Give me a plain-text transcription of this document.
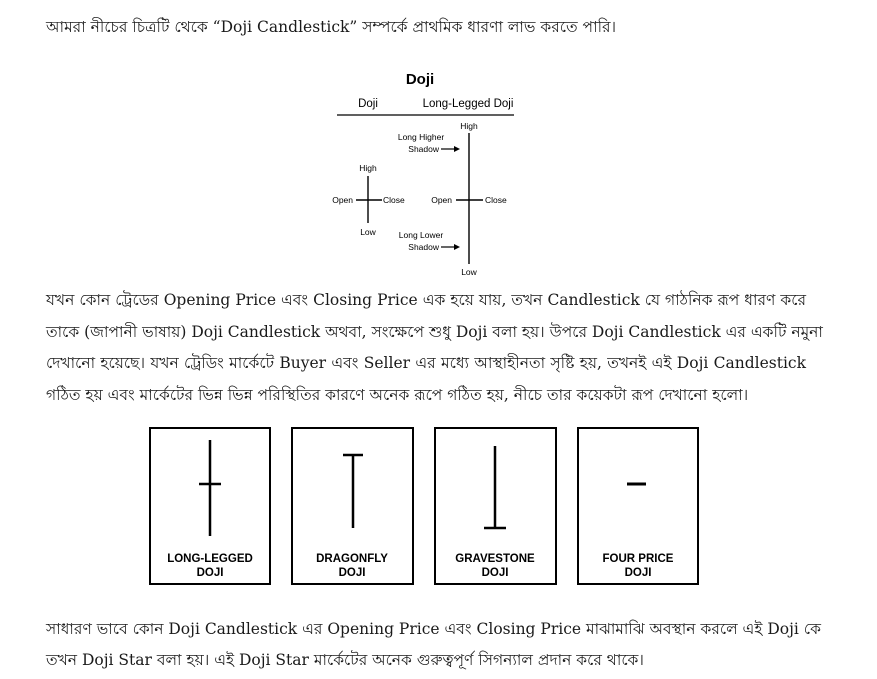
আমরা নীচের চিত্রটি থেকে “Doji Candlestick” সম্পর্কে প্রাথমিক ধারণা লাভ করতে পারি।

Doji
Doji	Long-Legged Doji
High
Low
Open	Close
High
Low
Open	Close
Long Higher
Shadow
Long Lower
Shadow
যখন কোন ট্রেডের Opening Price এবং Closing Price এক হয়ে যায়, তখন Candlestick যে গাঠনিক রূপ ধারণ করে
তাকে (জাপানী ভাষায়) Doji Candlestick অথবা, সংক্ষেপে শুধু Doji বলা হয়। উপরে Doji Candlestick এর একটি নমুনা
দেখানো হয়েছে। যখন ট্রেডিং মার্কেটে Buyer এবং Seller এর মধ্যে আস্থাহীনতা সৃষ্টি হয়, তখনই এই Doji Candlestick
গঠিত হয় এবং মার্কেটের ভিন্ন ভিন্ন পরিস্থিতির কারণে অনেক রূপে গঠিত হয়, নীচে তার কয়েকটা রূপ দেখানো হলো।
LONG-LEGGED
DOJI
DRAGONFLY
DOJI
GRAVESTONE
DOJI
FOUR PRICE
DOJI
সাধারণ ভাবে কোন Doji Candlestick এর Opening Price এবং Closing Price মাঝামাঝি অবস্থান করলে এই Doji কে
তখন Doji Star বলা হয়। এই Doji Star মার্কেটের অনেক গুরুত্বপূর্ণ সিগন্যাল প্রদান করে থাকে।
